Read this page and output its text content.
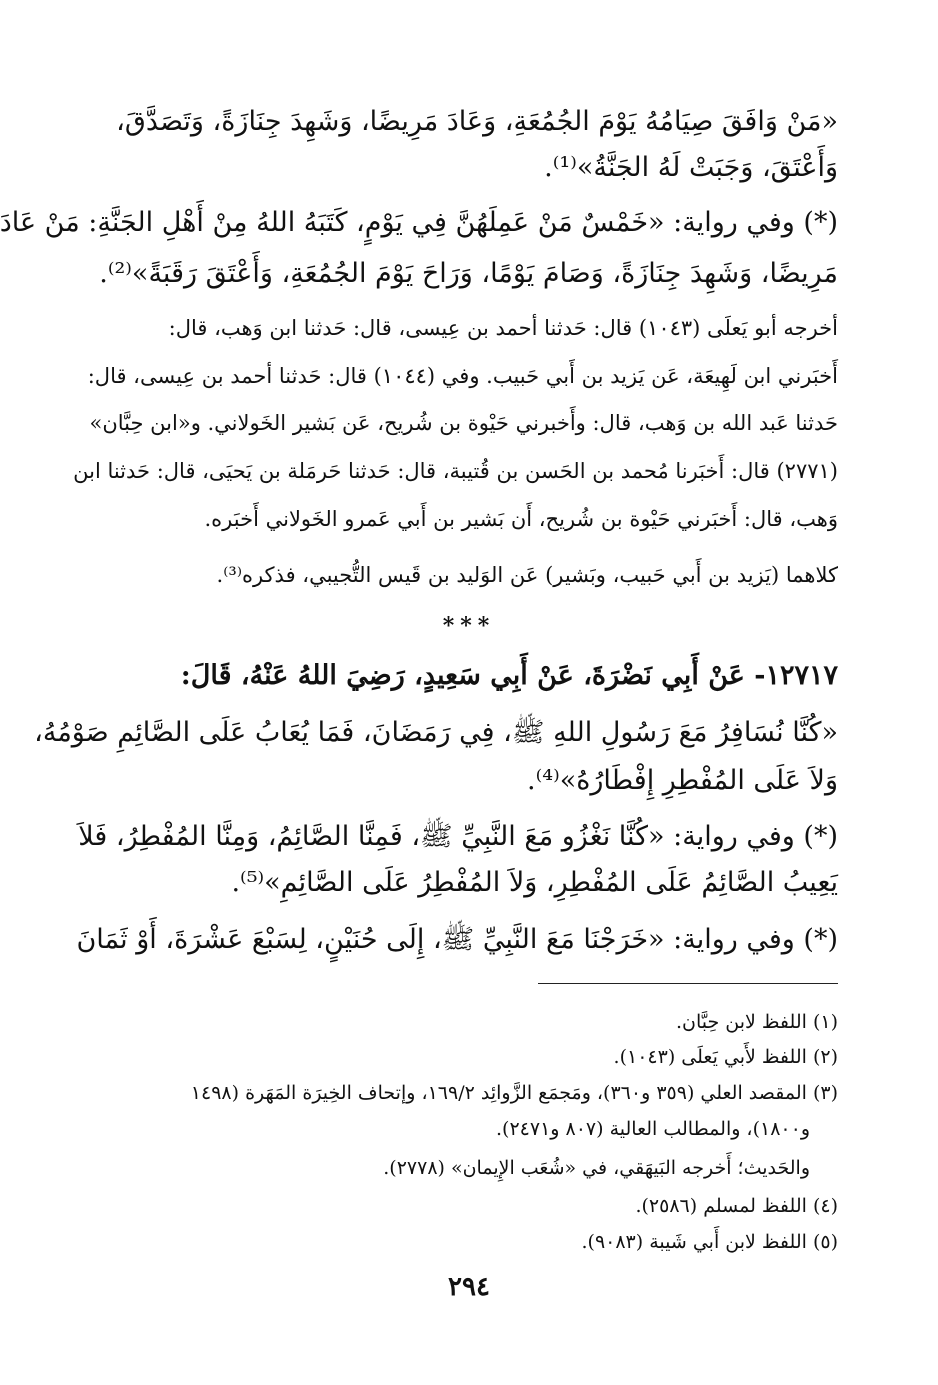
«مَنْ وَافَقَ صِيَامُهُ يَوْمَ الجُمُعَةِ، وَعَادَ مَرِيضًا، وَشَهِدَ جِنَازَةً، وَتَصَدَّقَ،
وَأَعْتَقَ، وَجَبَتْ لَهُ الجَنَّةُ»⁽¹⁾.
(*) وفي رواية: «خَمْسٌ مَنْ عَمِلَهُنَّ فِي يَوْمٍ، كَتَبَهُ اللهُ مِنْ أَهْلِ الجَنَّةِ: مَنْ عَادَ
مَرِيضًا، وَشَهِدَ جِنَازَةً، وَصَامَ يَوْمًا، وَرَاحَ يَوْمَ الجُمُعَةِ، وَأَعْتَقَ رَقَبَةً»⁽²⁾.
أخرجه أبو يَعلَى (١٠٤٣) قال: حَدثنا أحمد بن عِيسى، قال: حَدثنا ابن وَهب، قال:
أَخبَرني ابن لَهِيعَة، عَن يَزيد بن أَبي حَبيب. وفي (١٠٤٤) قال: حَدثنا أحمد بن عِيسى، قال:
حَدثنا عَبد الله بن وَهب، قال: وأَخبرني حَيْوة بن شُريح، عَن بَشير الخَولاني. و«ابن حِبَّان»
(٢٧٧١) قال: أَخبَرنا مُحمد بن الحَسن بن قُتيبة، قال: حَدثنا حَرمَلة بن يَحيَى، قال: حَدثنا ابن
وَهب، قال: أَخبَرني حَيْوة بن شُريح، أَن بَشير بن أَبي عَمرو الخَولاني أَخبَره.
كلاهما (يَزيد بن أَبي حَبيب، وبَشير) عَن الوَليد بن قَيس التُّجيبي، فذكره⁽³⁾.
***
١٢٧١٧- عَنْ أَبِي نَضْرَةَ، عَنْ أَبِي سَعِيدٍ، رَضِيَ اللهُ عَنْهُ، قَالَ:
«كُنَّا نُسَافِرُ مَعَ رَسُولِ اللهِ ﷺ، فِي رَمَضَانَ، فَمَا يُعَابُ عَلَى الصَّائِمِ صَوْمُهُ،
وَلاَ عَلَى المُفْطِرِ إِفْطَارُهُ»⁽⁴⁾.
(*) وفي رواية: «كُنَّا نَغْزُو مَعَ النَّبِيِّ ﷺ، فَمِنَّا الصَّائِمُ، وَمِنَّا المُفْطِرُ، فَلاَ
يَعِيبُ الصَّائِمُ عَلَى المُفْطِرِ، وَلاَ المُفْطِرُ عَلَى الصَّائِمِ»⁽⁵⁾.
(*) وفي رواية: «خَرَجْنَا مَعَ النَّبِيِّ ﷺ، إِلَى حُنَيْنٍ، لِسَبْعَ عَشْرَةَ، أَوْ ثَمَانَ
(١) اللفظ لابن حِبَّان.
(٢) اللفظ لأَبي يَعلَى (١٠٤٣).
(٣) المقصد العلي (٣٥٩ و٣٦٠)، ومَجمَع الزَّوائِد ١٦٩/٢، وإتحاف الخِيرَة المَهَرة (١٤٩٨
و١٨٠٠)، والمطالب العالية (٨٠٧ و٢٤٧١).
والحَديث؛ أَخرجه البَيهَقي، في «شُعَب الإِيمان» (٢٧٧٨).
(٤) اللفظ لمسلم (٢٥٨٦).
(٥) اللفظ لابن أَبي شَيبة (٩٠٨٣).
٢٩٤
